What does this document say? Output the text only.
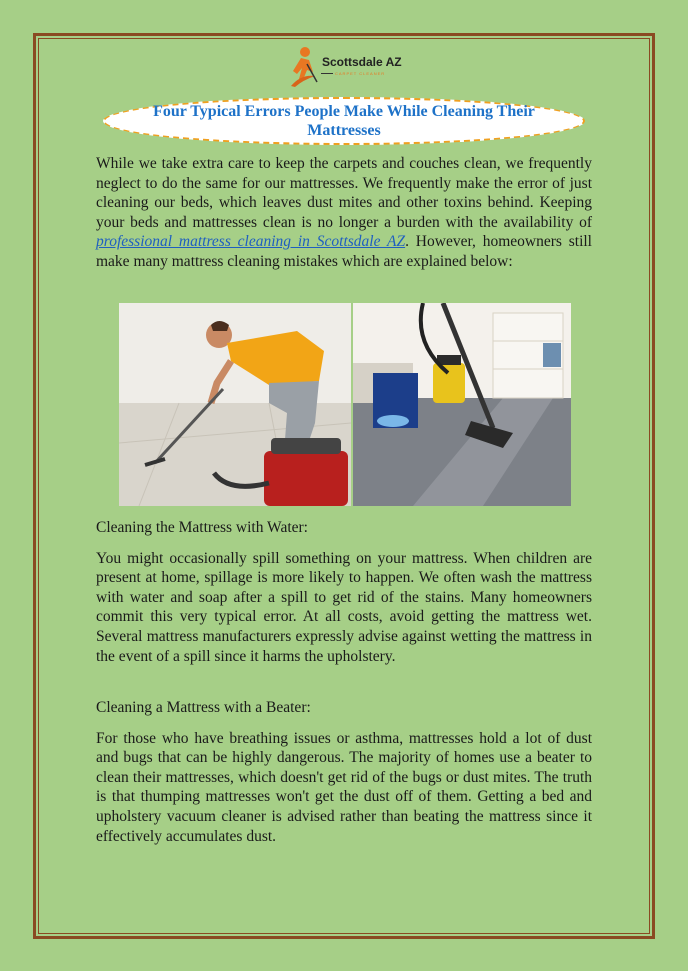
Scottsdale AZ
CARPET CLEANER
Four Typical Errors People Make While Cleaning Their Mattresses

While we take extra care to keep the carpets and couches clean, we frequently neglect to do the same for our mattresses. We frequently make the error of just cleaning our beds, which leaves dust mites and other toxins behind. Keeping your beds and mattresses clean is no longer a burden with the availability of professional mattress cleaning in Scottsdale AZ. However, homeowners still make many mattress cleaning mistakes which are explained below:

Cleaning the Mattress with Water:

You might occasionally spill something on your mattress. When children are present at home, spillage is more likely to happen. We often wash the mattress with water and soap after a spill to get rid of the stains. Many homeowners commit this very typical error. At all costs, avoid getting the mattress wet. Several mattress manufacturers expressly advise against wetting the mattress in the event of a spill since it harms the upholstery.

Cleaning a Mattress with a Beater:

For those who have breathing issues or asthma, mattresses hold a lot of dust and bugs that can be highly dangerous. The majority of homes use a beater to clean their mattresses, which doesn't get rid of the bugs or dust mites. The truth is that thumping mattresses won't get the dust off of them. Getting a bed and upholstery vacuum cleaner is advised rather than beating the mattress since it effectively accumulates dust.
